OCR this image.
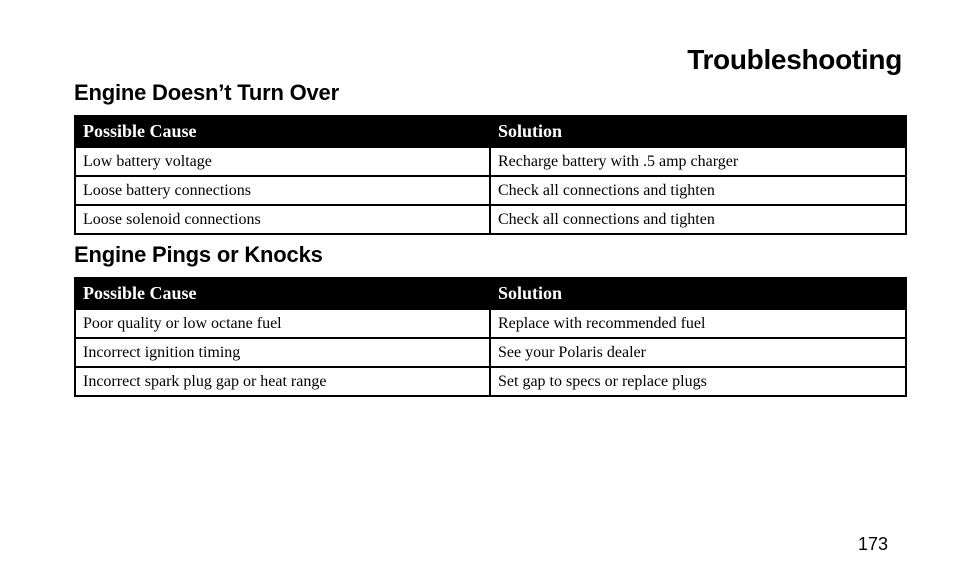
Troubleshooting
Engine Doesn’t Turn Over
Possible Cause	Solution
Low battery voltage	Recharge battery with .5 amp charger
Loose battery connections	Check all connections and tighten
Loose solenoid connections	Check all connections and tighten
Engine Pings or Knocks
Possible Cause	Solution
Poor quality or low octane fuel	Replace with recommended fuel
Incorrect ignition timing	See your Polaris dealer
Incorrect spark plug gap or heat range	Set gap to specs or replace plugs
173
